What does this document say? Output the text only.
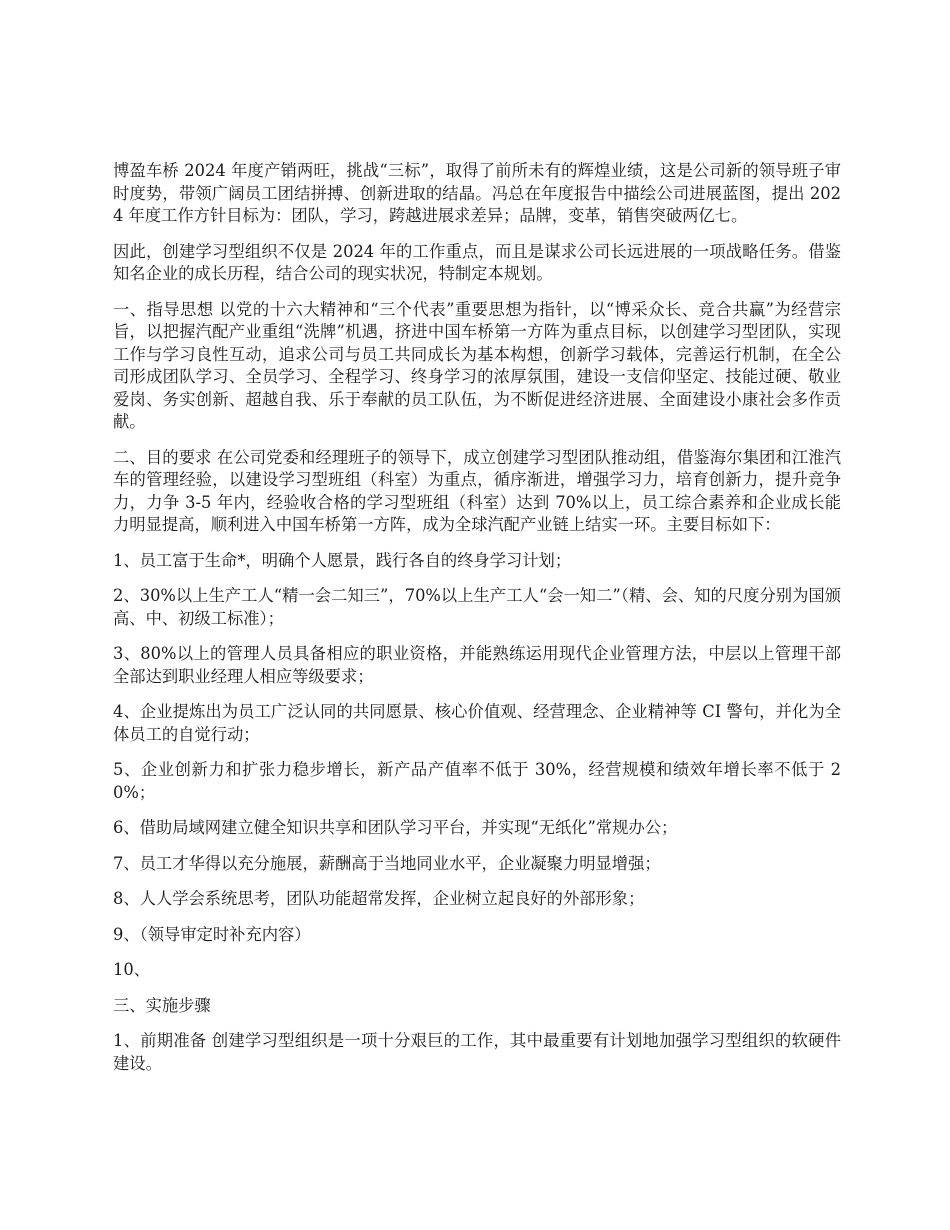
博盈车桥 2024 年度产销两旺，挑战“三标”，取得了前所未有的辉煌业绩，这是公司新的领导班子审时度势，带领广阔员工团结拼搏、创新进取的结晶。冯总在年度报告中描绘公司进展蓝图，提出 2024 年度工作方针目标为：团队，学习，跨越进展求差异；品牌，变革，销售突破两亿七。

因此，创建学习型组织不仅是 2024 年的工作重点，而且是谋求公司长远进展的一项战略任务。借鉴知名企业的成长历程，结合公司的现实状况，特制定本规划。

一、指导思想 以党的十六大精神和“三个代表”重要思想为指针，以“博采众长、竞合共赢”为经营宗旨，以把握汽配产业重组“洗牌”机遇，挤进中国车桥第一方阵为重点目标，以创建学习型团队，实现工作与学习良性互动，追求公司与员工共同成长为基本构想，创新学习载体，完善运行机制，在全公司形成团队学习、全员学习、全程学习、终身学习的浓厚氛围，建设一支信仰坚定、技能过硬、敬业爱岗、务实创新、超越自我、乐于奉献的员工队伍，为不断促进经济进展、全面建设小康社会多作贡献。

二、目的要求 在公司党委和经理班子的领导下，成立创建学习型团队推动组，借鉴海尔集团和江淮汽车的管理经验，以建设学习型班组（科室）为重点，循序渐进，增强学习力，培育创新力，提升竞争力，力争 3-5 年内，经验收合格的学习型班组（科室）达到 70%以上，员工综合素养和企业成长能力明显提高，顺利进入中国车桥第一方阵，成为全球汽配产业链上结实一环。主要目标如下：

1、员工富于生命*，明确个人愿景，践行各自的终身学习计划；

2、30%以上生产工人“精一会二知三”，70%以上生产工人“会一知二”（精、会、知的尺度分别为国颁高、中、初级工标准）；

3、80%以上的管理人员具备相应的职业资格，并能熟练运用现代企业管理方法，中层以上管理干部全部达到职业经理人相应等级要求；

4、企业提炼出为员工广泛认同的共同愿景、核心价值观、经营理念、企业精神等 CI 警句，并化为全体员工的自觉行动；

5、企业创新力和扩张力稳步增长，新产品产值率不低于 30%，经营规模和绩效年增长率不低于 20%；

6、借助局域网建立健全知识共享和团队学习平台，并实现“无纸化”常规办公；

7、员工才华得以充分施展，薪酬高于当地同业水平，企业凝聚力明显增强；

8、人人学会系统思考，团队功能超常发挥，企业树立起良好的外部形象；

9、（领导审定时补充内容）

10、

三、实施步骤

1、前期准备 创建学习型组织是一项十分艰巨的工作，其中最重要有计划地加强学习型组织的软硬件建设。
